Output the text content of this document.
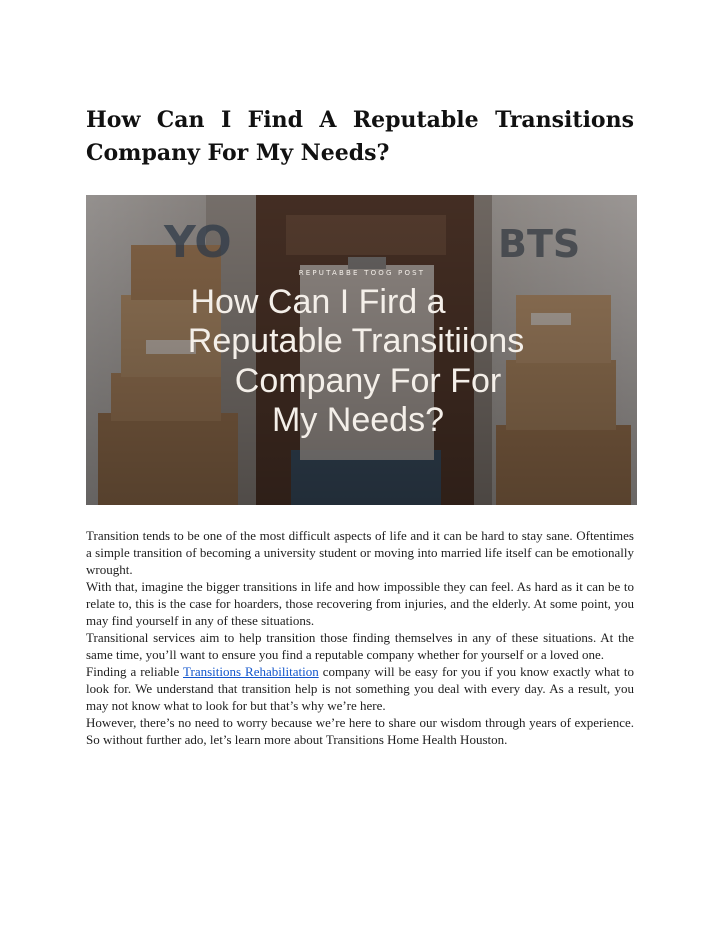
How Can I Find A Reputable Transitions Company For My Needs?
YO	BTS
REPUTABBE TOOG POST
How Can I Fird a
Reputable Transitiions
Company For For
My Needs?

Transition tends to be one of the most difficult aspects of life and it can be hard to stay sane. Oftentimes a simple transition of becoming a university student or moving into married life itself can be emotionally wrought.

With that, imagine the bigger transitions in life and how impossible they can feel. As hard as it can be to relate to, this is the case for hoarders, those recovering from injuries, and the elderly. At some point, you may find yourself in any of these situations.

Transitional services aim to help transition those finding themselves in any of these situations. At the same time, you’ll want to ensure you find a reputable company whether for yourself or a loved one.

Finding a reliable Transitions Rehabilitation company will be easy for you if you know exactly what to look for. We understand that transition help is not something you deal with every day. As a result, you may not know what to look for but that’s why we’re here.

However, there’s no need to worry because we’re here to share our wisdom through years of experience. So without further ado, let’s learn more about Transitions Home Health Houston.
